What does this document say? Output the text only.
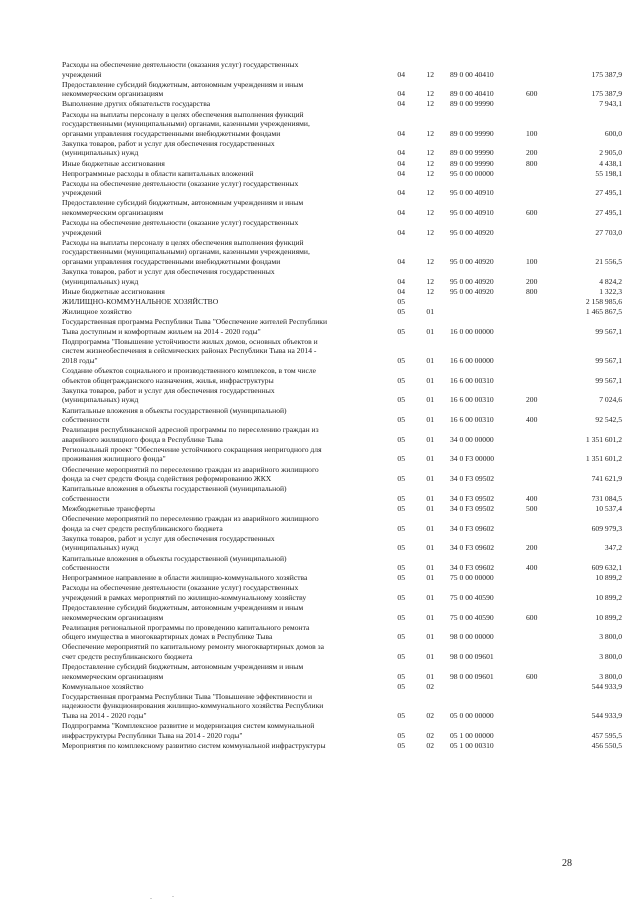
Расходы на обеспечение деятельности (оказания услуг) государственных
учреждений	04	12 89 0 00 40410	175 387,9
Предоставление субсидий бюджетным, автономным учреждениям и иным
некоммерческим организациям	04	12 89 0 00 40410	600	175 387,9
Выполнение других обязательств государства	04	12 89 0 00 99990	7 943,1
Расходы на выплаты персоналу в целях обеспечения выполнения функций
государственными (муниципальными) органами, казенными учреждениями,
органами управления государственными внебюджетными фондами	04	12 89 0 00 99990	100	600,0
Закупка товаров, работ и услуг для обеспечения государственных
(муниципальных) нужд	04	12 89 0 00 99990	200	2 905,0
Иные бюджетные ассигнования	04	12 89 0 00 99990	800	4 438,1
Непрограммные расходы в области капитальных вложений	04	12 95 0 00 00000	55 198,1
Расходы на обеспечение деятельности (оказание услуг) государственных
учреждений	04	12 95 0 00 40910	27 495,1
Предоставление субсидий бюджетным, автономным учреждениям и иным
некоммерческим организациям	04	12 95 0 00 40910	600	27 495,1
Расходы на обеспечение деятельности (оказание услуг) государственных
учреждений	04	12 95 0 00 40920	27 703,0
Расходы на выплаты персоналу в целях обеспечения выполнения функций
государственными (муниципальными) органами, казенными учреждениями,
органами управления государственными внебюджетными фондами	04	12 95 0 00 40920	100	21 556,5
Закупка товаров, работ и услуг для обеспечения государственных
(муниципальных) нужд	04	12 95 0 00 40920	200	4 824,2
Иные бюджетные ассигнования	04	12 95 0 00 40920	800	1 322,3
ЖИЛИЩНО-КОММУНАЛЬНОЕ ХОЗЯЙСТВО	05	2 158 985,6
Жилищное хозяйство	05	01	1 465 867,5
Государственная программа Республики Тыва "Обеспечение жителей Республики
Тыва доступным и комфортным жильем на 2014 - 2020 годы"	05	01 16 0 00 00000	99 567,1
Подпрограмма "Повышение устойчивости жилых домов, основных объектов и
систем жизнеобеспечения в сейсмических районах Республики Тыва на 2014 -
2018 годы"	05	01 16 6 00 00000	99 567,1
Создание объектов социального и производственного комплексов, в том числе
объектов общегражданского назначения, жилья, инфраструктуры	05	01 16 6 00 00310	99 567,1
Закупка товаров, работ и услуг для обеспечения государственных
(муниципальных) нужд	05	01 16 6 00 00310	200	7 024,6
Капитальные вложения в объекты государственной (муниципальной)
собственности	05	01 16 6 00 00310	400	92 542,5
Реализация республиканской адресной программы по переселению граждан из
аварийного жилищного фонда в Республике Тыва	05	01 34 0 00 00000	1 351 601,2
Региональный проект "Обеспечение устойчивого сокращения непригодного для
проживания жилищного фонда"	05	01 34 0 F3 00000	1 351 601,2
Обеспечение мероприятий по переселению граждан из аварийного жилищного
фонда за счет средств Фонда содействия реформированию ЖКХ	05	01 34 0 F3 09502	741 621,9
Капитальные вложения в объекты государственной (муниципальной)
собственности	05	01 34 0 F3 09502	400	731 084,5
Межбюджетные трансферты	05	01 34 0 F3 09502	500	10 537,4
Обеспечение мероприятий по переселению граждан из аварийного жилищного
фонда за счет средств республиканского бюджета	05	01 34 0 F3 09602	609 979,3
Закупка товаров, работ и услуг для обеспечения государственных
(муниципальных) нужд	05	01 34 0 F3 09602	200	347,2
Капитальные вложения в объекты государственной (муниципальной)
собственности	05	01 34 0 F3 09602	400	609 632,1
Непрограммное направление в области жилищно-коммунального хозяйства	05	01 75 0 00 00000	10 899,2
Расходы на обеспечение деятельности (оказание услуг) государственных
учреждений в рамках мероприятий по жилищно-коммунальному хозяйству	05	01 75 0 00 40590	10 899,2
Предоставление субсидий бюджетным, автономным учреждениям и иным
некоммерческим организациям	05	01 75 0 00 40590	600	10 899,2
Реализация региональной программы по проведению капитального ремонта
общего имущества в многоквартирных домах в Республике Тыва	05	01 98 0 00 00000	3 800,0
Обеспечение мероприятий по капитальному ремонту многоквартирных домов за
счет средств республиканского бюджета	05	01 98 0 00 09601	3 800,0
Предоставление субсидий бюджетным, автономным учреждениям и иным
некоммерческим организациям	05	01 98 0 00 09601	600	3 800,0
Коммунальное хозяйство	05	02	544 933,9
Государственная программа Республики Тыва "Повышение эффективности и
надежности функционирования жилищно-коммунального хозяйства Республики
Тыва на 2014 - 2020 годы"	05	02 05 0 00 00000	544 933,9
Подпрограмма "Комплексное развитие и модернизация систем коммунальной
инфраструктуры Республики Тыва на 2014 - 2020 годы"	05	02 05 1 00 00000	457 595,5
Мероприятия по комплексному развитию систем коммунальной инфраструктуры	05	02 05 1 00 00310	456 550,5
28
